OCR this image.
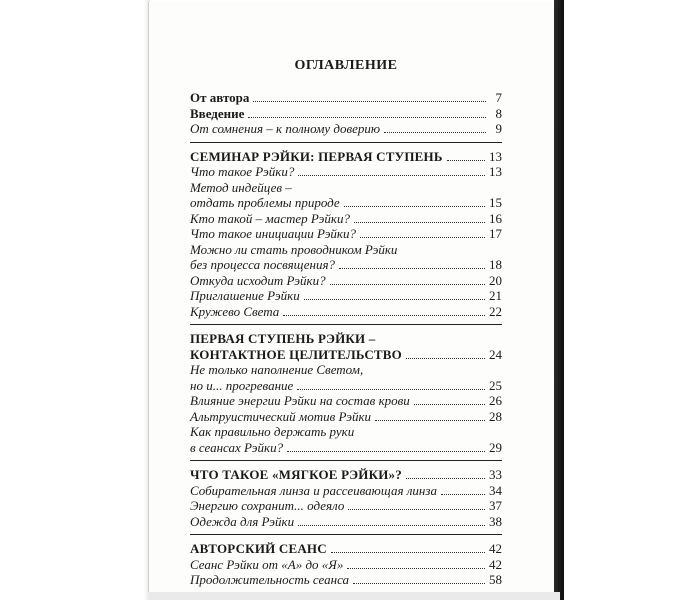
ОГЛАВЛЕНИЕ
От автора	7
Введение	8
От сомнения – к полному доверию	9
СЕМИНАР РЭЙКИ: ПЕРВАЯ СТУПЕНЬ	13
Что такое Рэйки?	13
Метод индейцев –
отдать проблемы природе	15
Кто такой – мастер Рэйки?	16
Что такое инициации Рэйки?	17
Можно ли стать проводником Рэйки
без процесса посвящения?	18
Откуда исходит Рэйки?	20
Приглашение Рэйки	21
Кружево Света	22
ПЕРВАЯ СТУПЕНЬ РЭЙКИ –
КОНТАКТНОЕ ЦЕЛИТЕЛЬСТВО	24
Не только наполнение Светом,
но и... прогревание	25
Влияние энергии Рэйки на состав крови	26
Альтруистический мотив Рэйки	28
Как правильно держать руки
в сеансах Рэйки?	29
ЧТО ТАКОЕ «МЯГКОЕ РЭЙКИ»?	33
Собирательная линза и рассеивающая линза	34
Энергию сохранит... одеяло	37
Одежда для Рэйки	38
АВТОРСКИЙ СЕАНС	42
Сеанс Рэйки от «А» до «Я»	42
Продолжительность сеанса	58
